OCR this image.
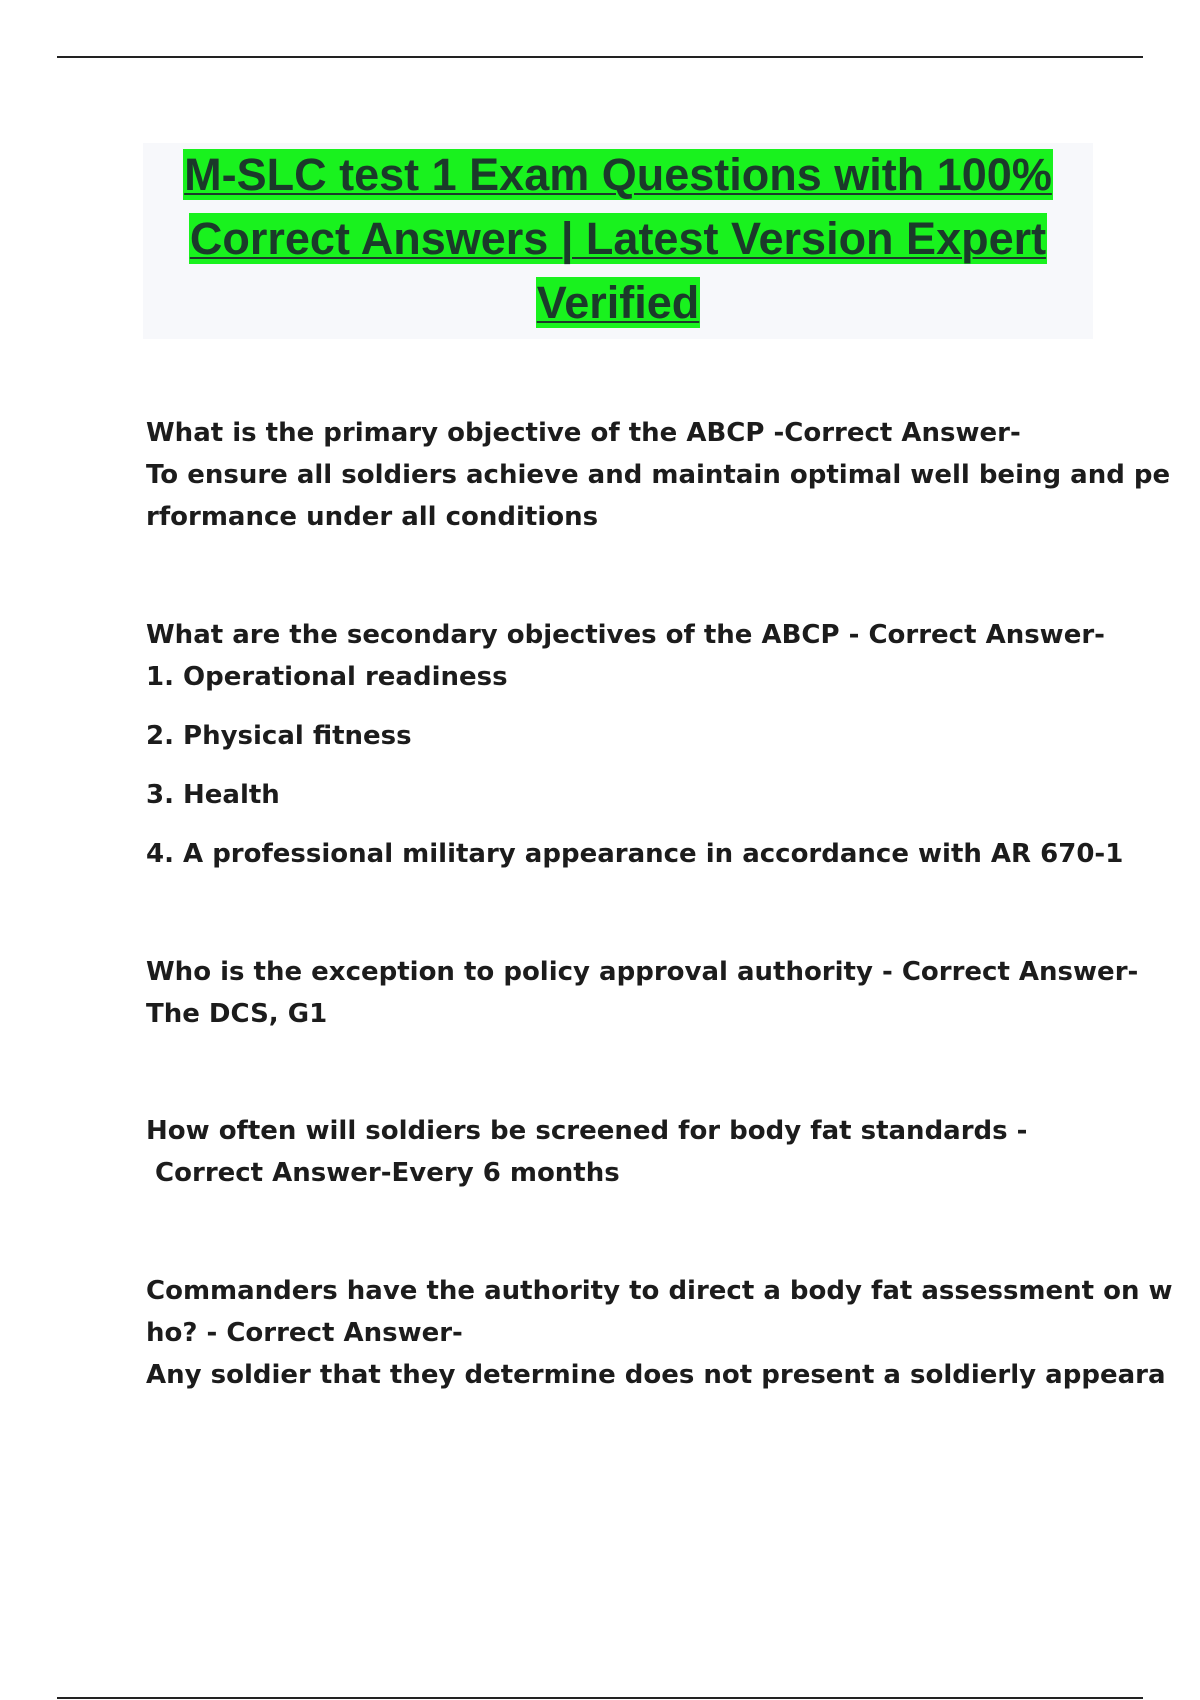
M-SLC test 1 Exam Questions with 100%
Correct Answers | Latest Version Expert
Verified
What is the primary objective of the ABCP -Correct Answer-
To ensure all soldiers achieve and maintain optimal well being and pe
rformance under all conditions
What are the secondary objectives of the ABCP - Correct Answer-
1. Operational readiness
2. Physical fitness
3. Health
4. A professional military appearance in accordance with AR 670-1
Who is the exception to policy approval authority - Correct Answer-
The DCS, G1
How often will soldiers be screened for body fat standards -
Correct Answer-Every 6 months
Commanders have the authority to direct a body fat assessment on w
ho? - Correct Answer-
Any soldier that they determine does not present a soldierly appeara
